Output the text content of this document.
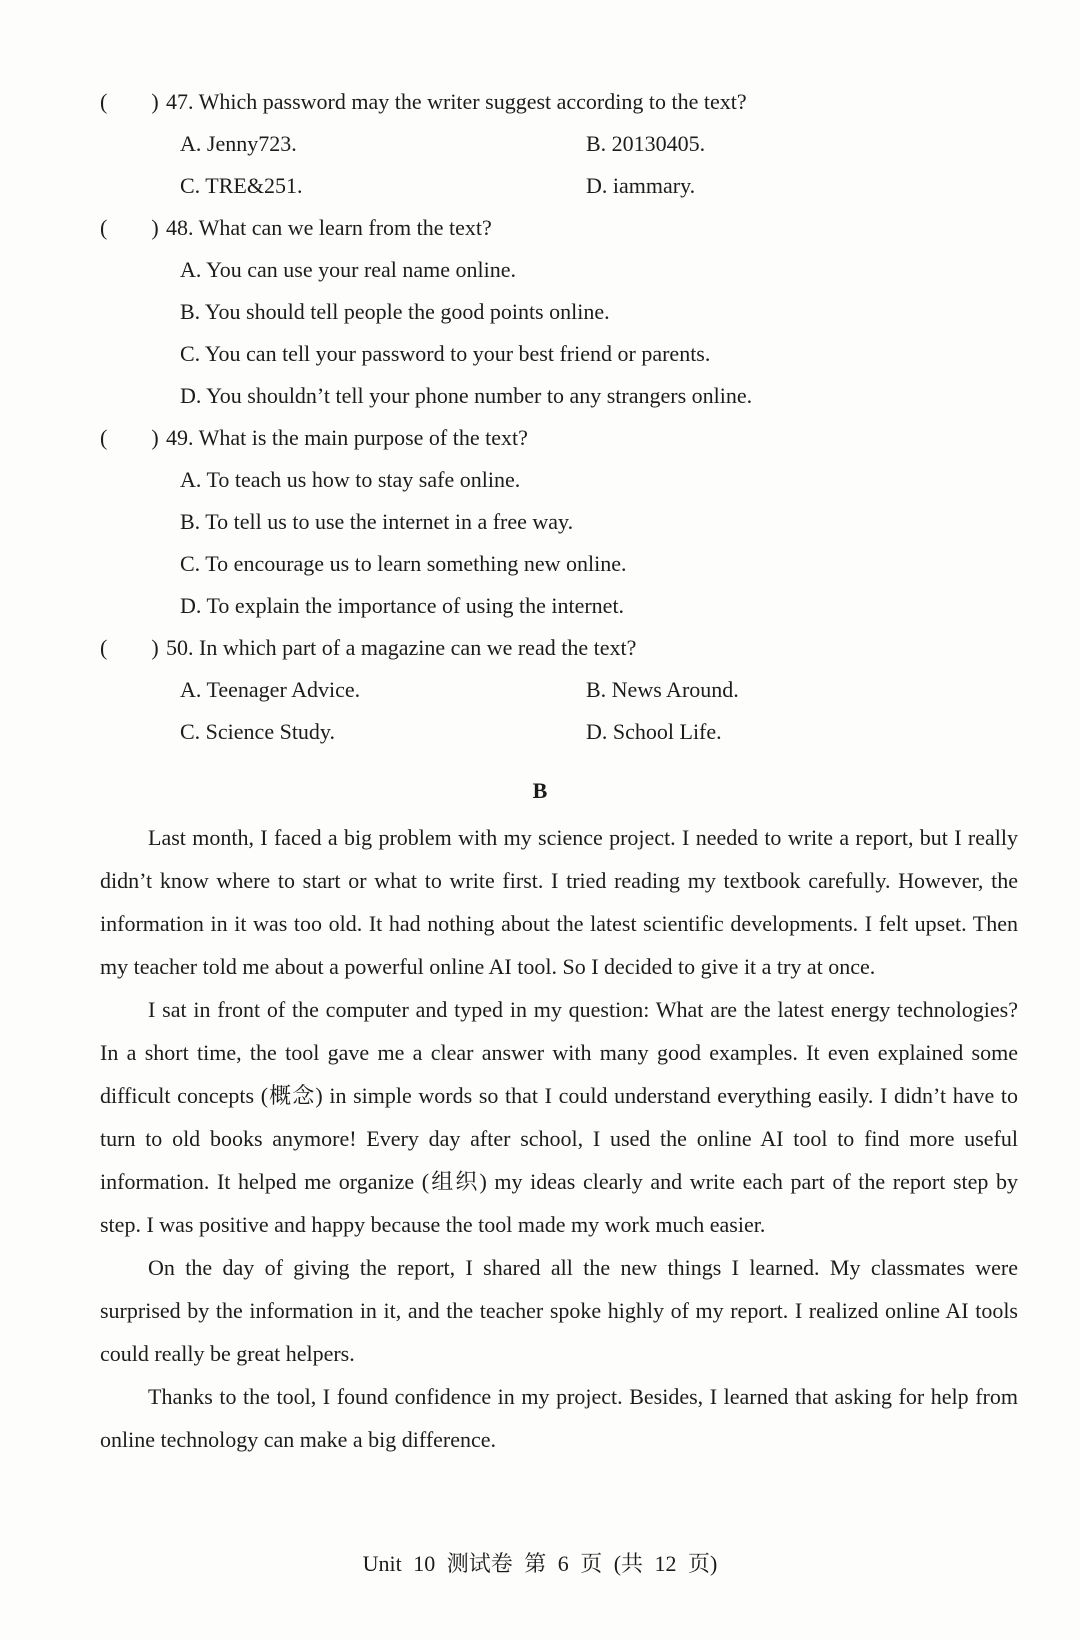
(        ) 47. Which password may the writer suggest according to the text?
A. Jenny723.	B. 20130405.
C. TRE&251.	D. iammary.
(        ) 48. What can we learn from the text?
A. You can use your real name online.
B. You should tell people the good points online.
C. You can tell your password to your best friend or parents.
D. You shouldn’t tell your phone number to any strangers online.
(        ) 49. What is the main purpose of the text?
A. To teach us how to stay safe online.
B. To tell us to use the internet in a free way.
C. To encourage us to learn something new online.
D. To explain the importance of using the internet.
(        ) 50. In which part of a magazine can we read the text?
A. Teenager Advice.	B. News Around.
C. Science Study.	D. School Life.
B

Last month, I faced a big problem with my science project. I needed to write a report, but I really didn’t know where to start or what to write first. I tried reading my textbook carefully. However, the information in it was too old. It had nothing about the latest scientific developments. I felt upset. Then my teacher told me about a powerful online AI tool. So I decided to give it a try at once.

I sat in front of the computer and typed in my question: What are the latest energy technologies? In a short time, the tool gave me a clear answer with many good examples. It even explained some difficult concepts (概念) in simple words so that I could understand everything easily. I didn’t have to turn to old books anymore! Every day after school, I used the online AI tool to find more useful information. It helped me organize (组织) my ideas clearly and write each part of the report step by step. I was positive and happy because the tool made my work much easier.

On the day of giving the report, I shared all the new things I learned. My classmates were surprised by the information in it, and the teacher spoke highly of my report. I realized online AI tools could really be great helpers.

Thanks to the tool, I found confidence in my project. Besides, I learned that asking for help from online technology can make a big difference.

Unit 10 测试卷 第 6 页 (共 12 页)
